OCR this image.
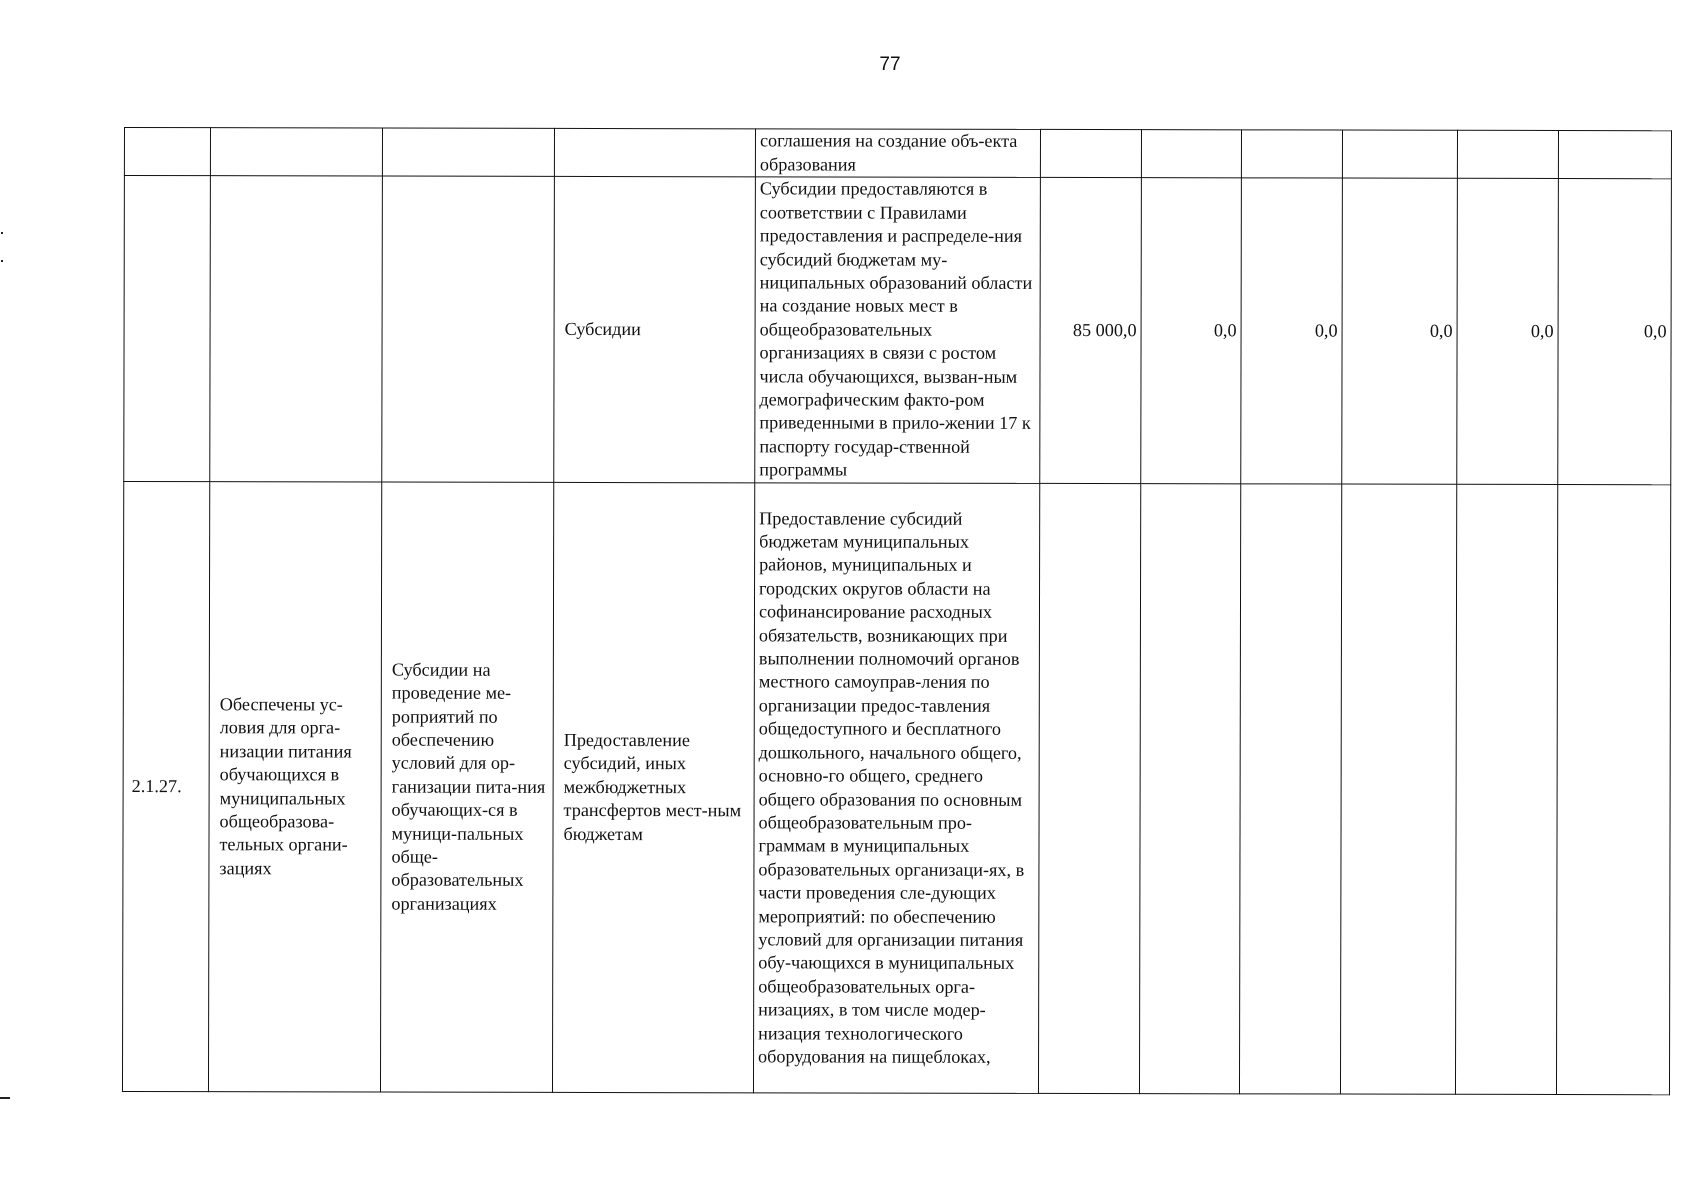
77
				соглашения на создание объ-екта образования						
			Субсидии	Субсидии предоставляются в соответствии с Правилами предоставления и распределе-ния субсидий бюджетам му-ниципальных образований области на создание новых мест в общеобразовательных организациях в связи с ростом числа обучающихся, вызван-ным демографическим факто-ром приведенными в прило-жении 17 к паспорту государ-ственной программы	85 000,0	0,0	0,0	0,0	0,0	0,0
2.1.27.	Обеспечены ус-ловия для орга-низации питания обучающихся в муниципальных общеобразова-тельных органи-зациях	Субсидии на проведение ме-роприятий по обеспечению условий для ор-ганизации пита-ния обучающих-ся в муници-пальных обще-образовательных организациях	Предоставление субсидий, иных межбюджетных трансфертов мест-ным бюджетам	Предоставление субсидий бюджетам муниципальных районов, муниципальных и городских округов области на софинансирование расходных обязательств, возникающих при выполнении полномочий органов местного самоуправ-ления по организации предос-тавления общедоступного и бесплатного дошкольного, начального общего, основно-го общего, среднего общего образования по основным общеобразовательным про-граммам в муниципальных образовательных организаци-ях, в части проведения сле-дующих мероприятий: по обеспечению условий для организации питания обу-чающихся в муниципальных общеобразовательных орга-низациях, в том числе модер-низация технологического оборудования на пищеблоках,						
